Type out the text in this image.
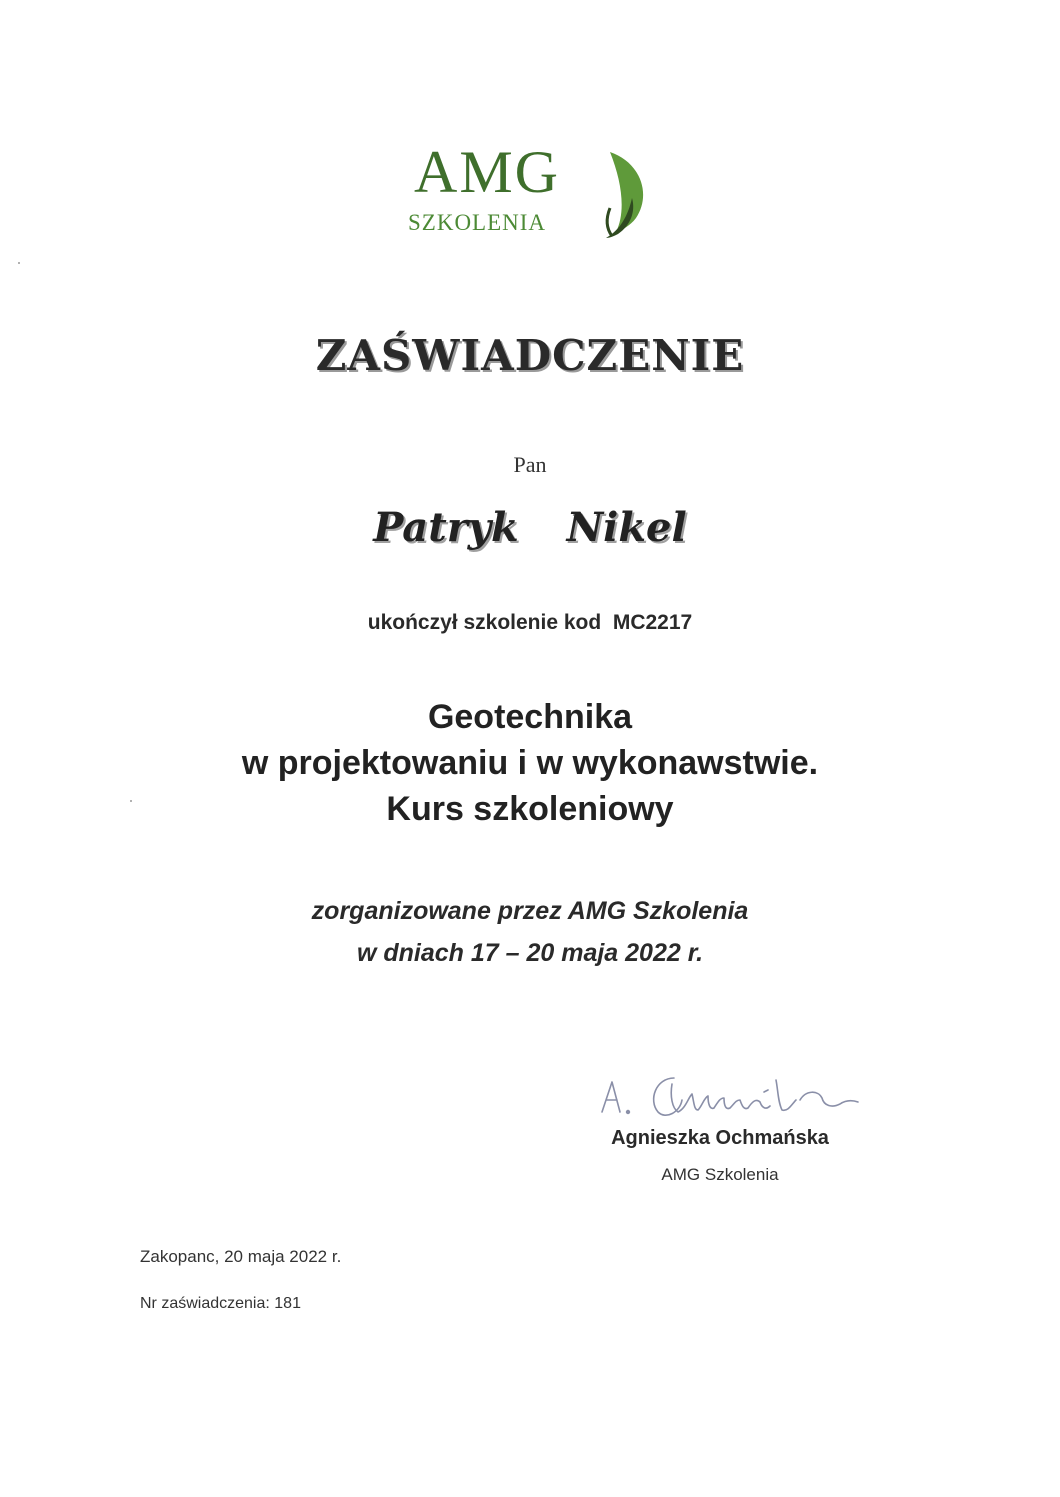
AMG
SZKOLENIA
ZAŚWIADCZENIE
Pan
Patryk  Nikel
ukończył szkolenie kod  MC2217
Geotechnika
w projektowaniu i w wykonawstwie.
Kurs szkoleniowy
zorganizowane przez AMG Szkolenia
w dniach 17 – 20 maja 2022 r.
Agnieszka Ochmańska
AMG Szkolenia
Zakopanc, 20 maja 2022 r.
Nr zaświadczenia: 181
